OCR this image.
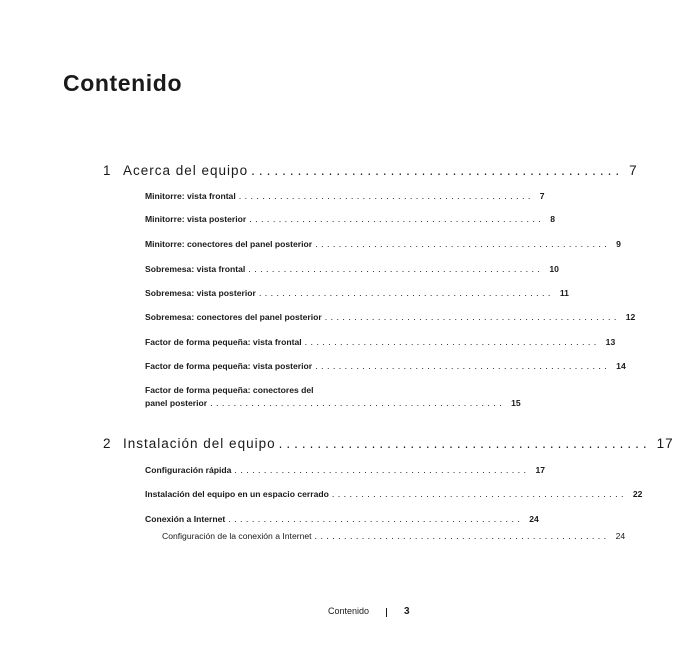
Contenido
1 Acerca del equipo ................................................ 7
Minitorre: vista frontal .................................................. 7
Minitorre: vista posterior .................................................. 8
Minitorre: conectores del panel posterior .................................................. 9
Sobremesa: vista frontal .................................................. 10
Sobremesa: vista posterior .................................................. 11
Sobremesa: conectores del panel posterior .................................................. 12
Factor de forma pequeña: vista frontal .................................................. 13
Factor de forma pequeña: vista posterior .................................................. 14
Factor de forma pequeña: conectores del
panel posterior .................................................. 15
2 Instalación del equipo ................................................ 17
Configuración rápida .................................................. 17
Instalación del equipo en un espacio cerrado .................................................. 22
Conexión a Internet .................................................. 24
Configuración de la conexión a Internet .................................................. 24
Contenido	3
